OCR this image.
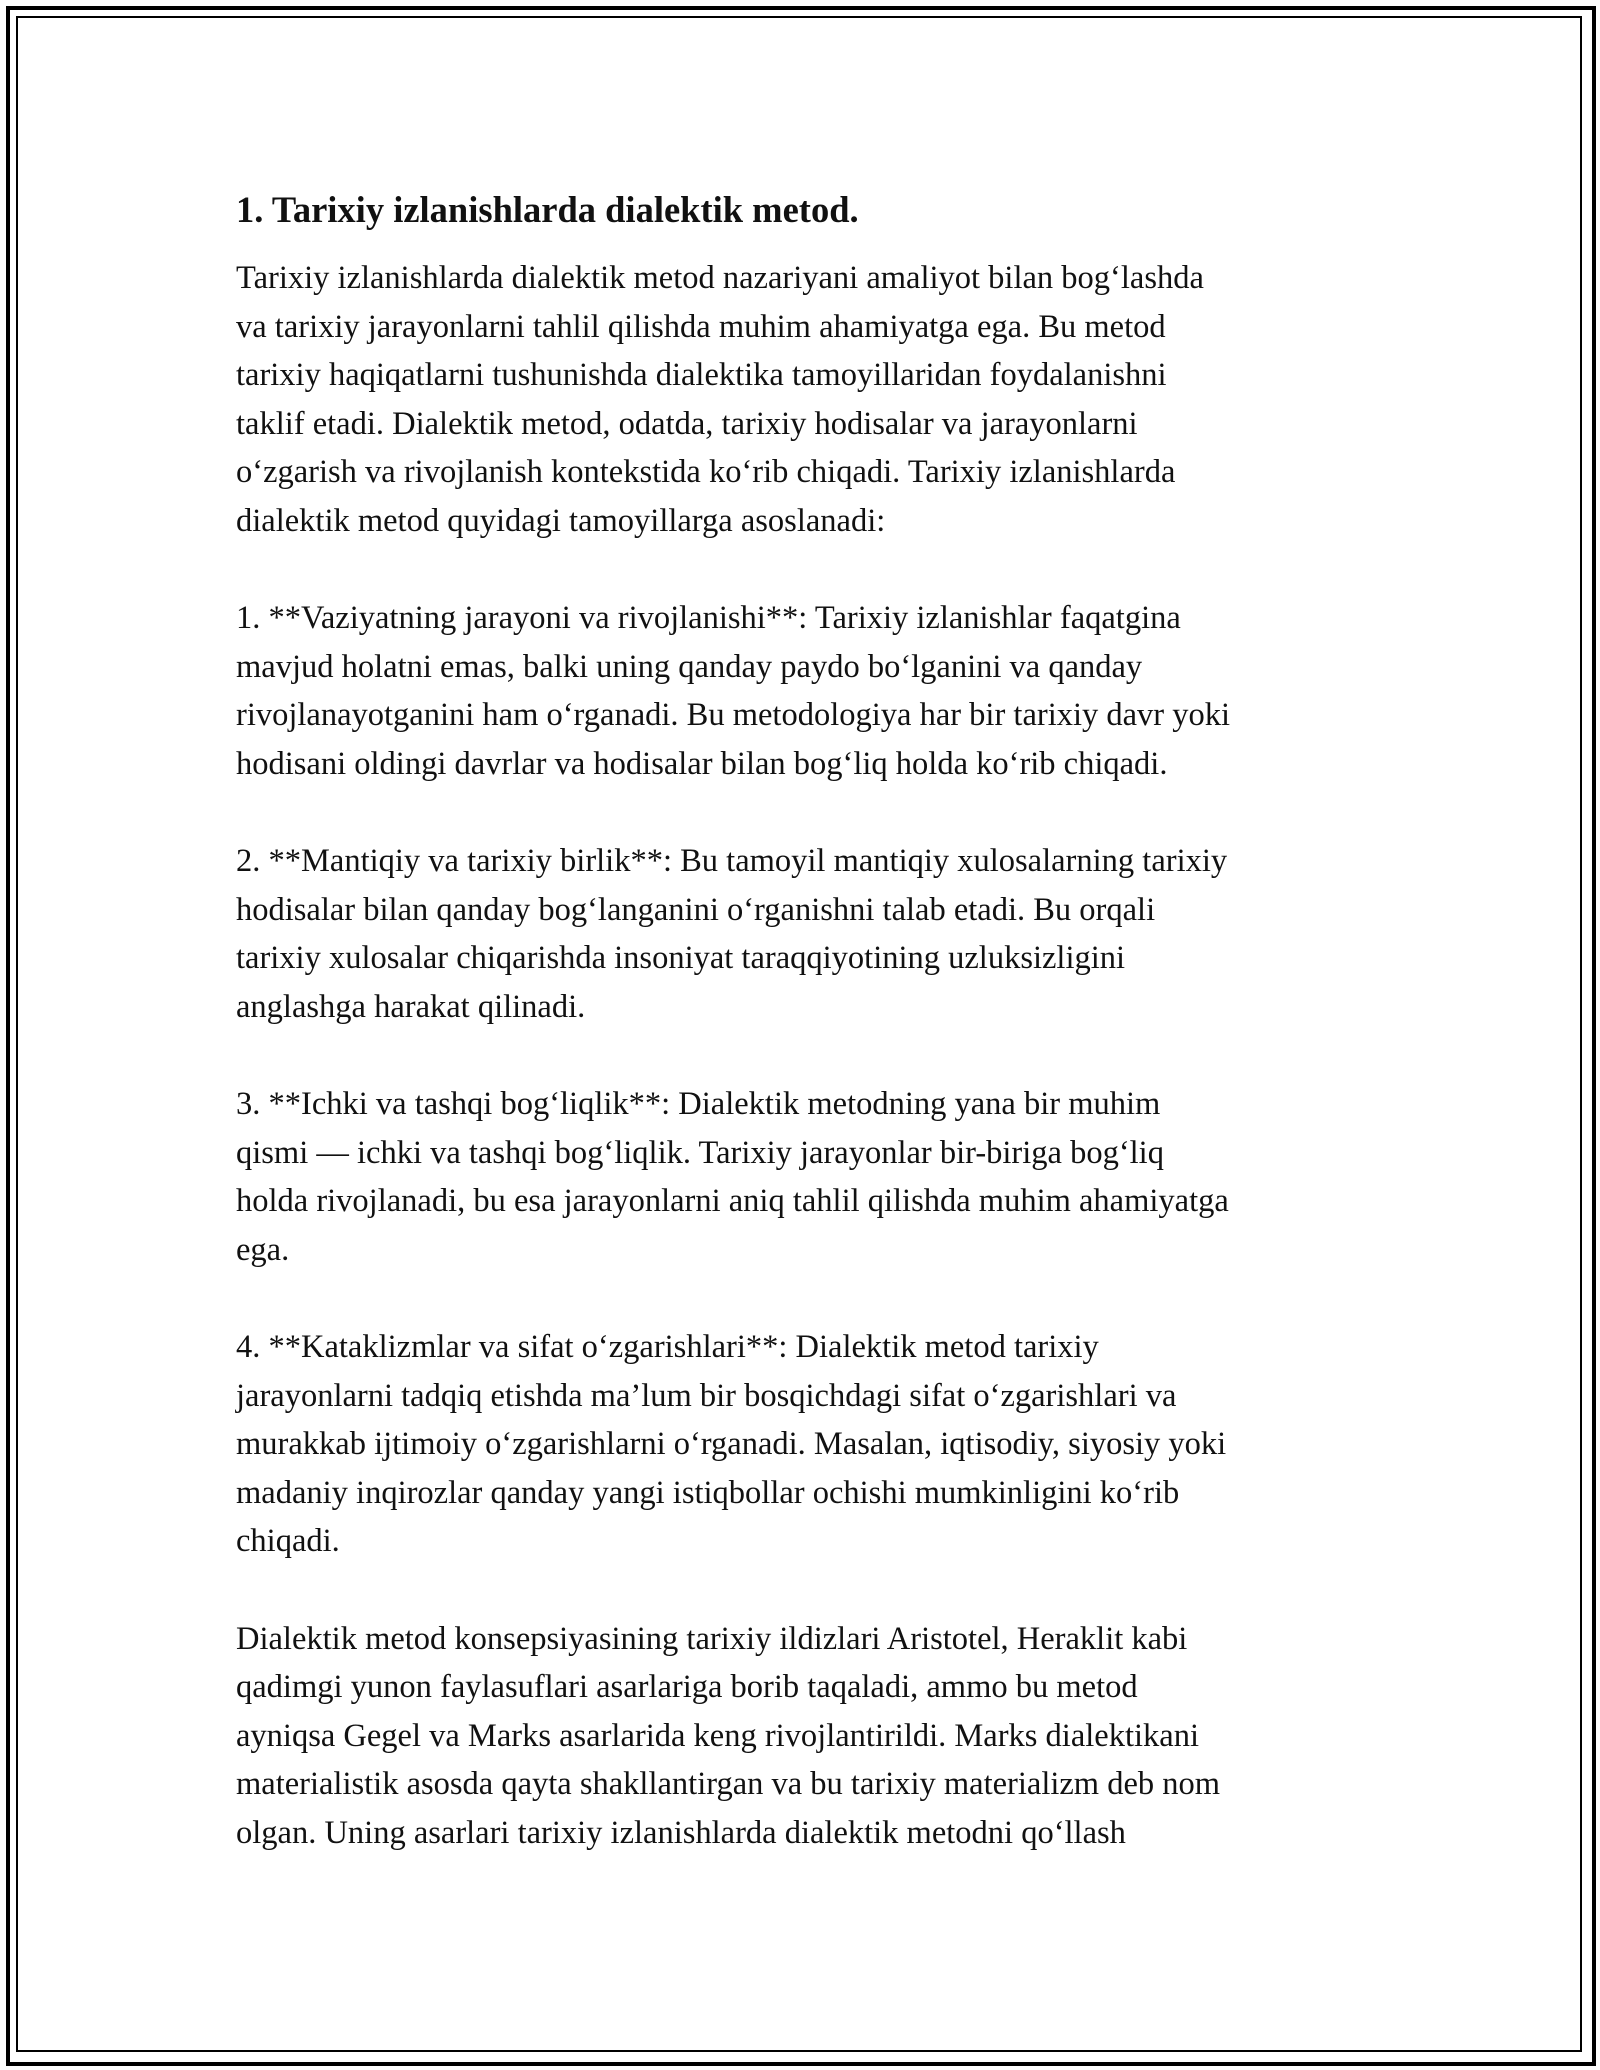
1. Tarixiy izlanishlarda dialektik metod.
Tarixiy izlanishlarda dialektik metod nazariyani amaliyot bilan bog‘lashda
va tarixiy jarayonlarni tahlil qilishda muhim ahamiyatga ega. Bu metod
tarixiy haqiqatlarni tushunishda dialektika tamoyillaridan foydalanishni
taklif etadi. Dialektik metod, odatda, tarixiy hodisalar va jarayonlarni
o‘zgarish va rivojlanish kontekstida ko‘rib chiqadi. Tarixiy izlanishlarda
dialektik metod quyidagi tamoyillarga asoslanadi:
1. **Vaziyatning jarayoni va rivojlanishi**: Tarixiy izlanishlar faqatgina
mavjud holatni emas, balki uning qanday paydo bo‘lganini va qanday
rivojlanayotganini ham o‘rganadi. Bu metodologiya har bir tarixiy davr yoki
hodisani oldingi davrlar va hodisalar bilan bog‘liq holda ko‘rib chiqadi.
2. **Mantiqiy va tarixiy birlik**: Bu tamoyil mantiqiy xulosalarning tarixiy
hodisalar bilan qanday bog‘langanini o‘rganishni talab etadi. Bu orqali
tarixiy xulosalar chiqarishda insoniyat taraqqiyotining uzluksizligini
anglashga harakat qilinadi.
3. **Ichki va tashqi bog‘liqlik**: Dialektik metodning yana bir muhim
qismi — ichki va tashqi bog‘liqlik. Tarixiy jarayonlar bir-biriga bog‘liq
holda rivojlanadi, bu esa jarayonlarni aniq tahlil qilishda muhim ahamiyatga
ega.
4. **Kataklizmlar va sifat o‘zgarishlari**: Dialektik metod tarixiy
jarayonlarni tadqiq etishda ma’lum bir bosqichdagi sifat o‘zgarishlari va
murakkab ijtimoiy o‘zgarishlarni o‘rganadi. Masalan, iqtisodiy, siyosiy yoki
madaniy inqirozlar qanday yangi istiqbollar ochishi mumkinligini ko‘rib
chiqadi.
Dialektik metod konsepsiyasining tarixiy ildizlari Aristotel, Heraklit kabi
qadimgi yunon faylasuflari asarlariga borib taqaladi, ammo bu metod
ayniqsa Gegel va Marks asarlarida keng rivojlantirildi. Marks dialektikani
materialistik asosda qayta shakllantirgan va bu tarixiy materializm deb nom
olgan. Uning asarlari tarixiy izlanishlarda dialektik metodni qo‘llash
